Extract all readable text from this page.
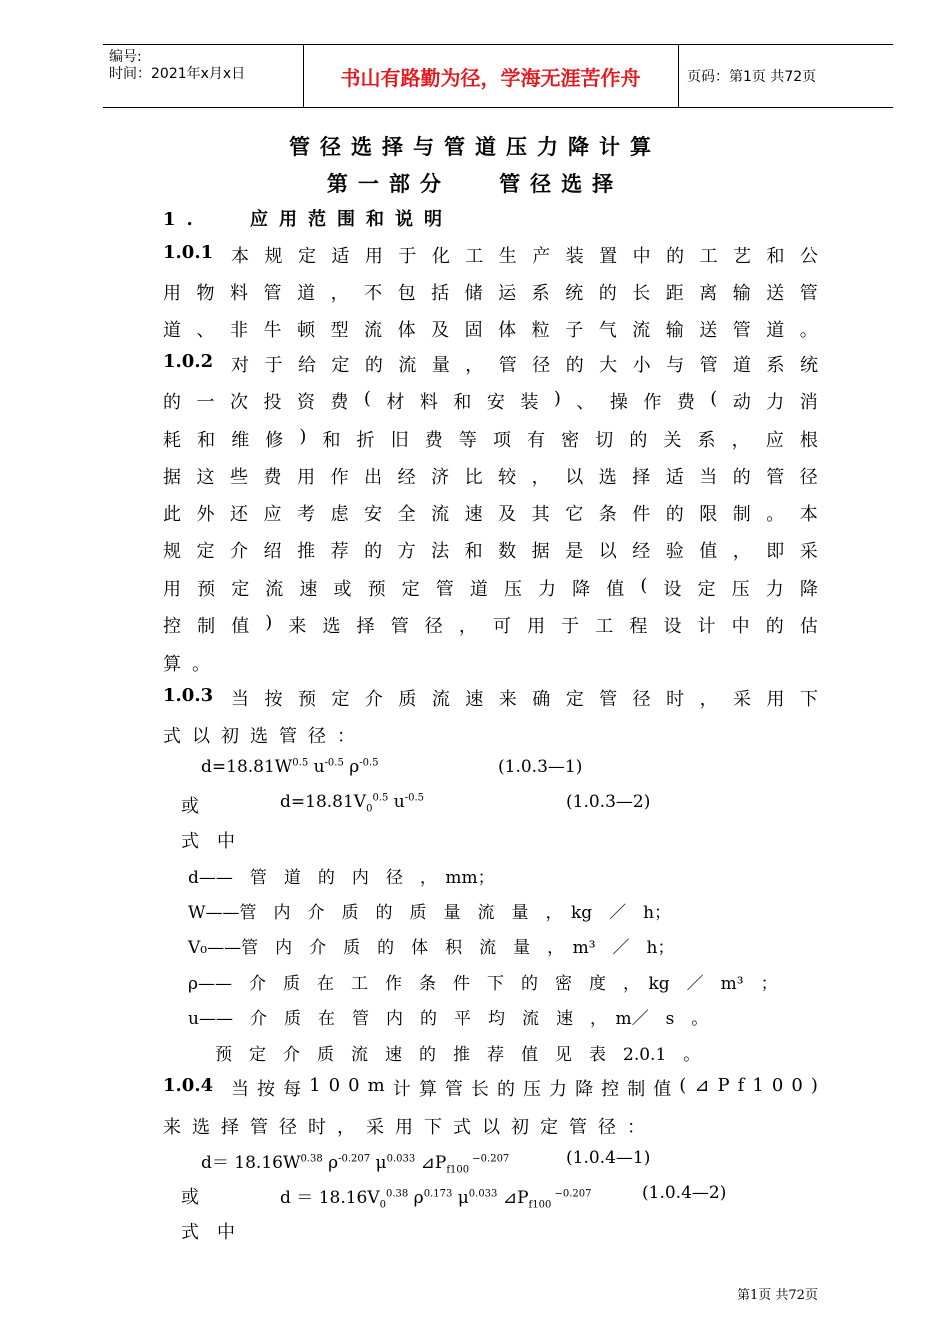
编号:
时间：2021年x月x日	书山有路勤为径，学海无涯苦作舟	页码：第1页 共72页
管径选择与管道压力降计算
第一部分　 管径选择
1.　 应用范围和说明
1.0.1 本 规 定 适 用 于 化 工 生 产 装 置 中 的 工 艺 和 公
用 物 料 管 道 ， 不 包 括 储 运 系 统 的 长 距 离 输 送 管
道 、 非 牛 顿 型 流 体 及 固 体 粒 子 气 流 输 送 管 道 。
1.0.2 对 于 给 定 的 流 量 ， 管 径 的 大 小 与 管 道 系 统
的 一 次 投 资 费 ( 材 料 和 安 装 ) 、 操 作 费 ( 动 力 消
耗 和 维 修 ) 和 折 旧 费 等 项 有 密 切 的 关 系 ， 应 根
据 这 些 费 用 作 出 经 济 比 较 ， 以 选 择 适 当 的 管 径
此 外 还 应 考 虑 安 全 流 速 及 其 它 条 件 的 限 制 。 本
规 定 介 绍 推 荐 的 方 法 和 数 据 是 以 经 验 值 ， 即 采
用 预 定 流 速 或 预 定 管 道 压 力 降 值 ( 设 定 压 力 降
控 制 值 ) 来 选 择 管 径 ， 可 用 于 工 程 设 计 中 的 估
算。
1.0.3 当 按 预 定 介 质 流 速 来 确 定 管 径 时 ， 采 用 下
式以初选管径：
$d=18.81W^{0.5}$ $u^{-0.5}$ $\rho^{-0.5}$	(1.0.3—1)
或	$d=18.81V_0^{0.5}$ $u^{-0.5}$	(1.0.3—2)
式　中
d——　管　道　的　内　径　，　mm；
W——管　内　介　质　的　质　量　流　量　，　kg　／　h；
V₀——管　内　介　质　的　体　积　流　量　，　m³　／　h；
ρ——　介　质　在　工　作　条　件　下　的　密　度　，　kg　／　m³　；
u——　介　质　在　管　内　的　平　均　流　速　，　m／　s　。
预　定　介　质　流　速　的　推　荐　值　见　表　2.0.1　。
1.0.4 当 按 每 1 0 0 m 计 算 管 长 的 压 力 降 控 制 值 ( ⊿ P f 1 0 0 )
来选择管径时，采用下式以初定管径：
$d= 18.16W^{0.38}$ $\rho^{-0.207}$ $\mu^{0.033}$ $⊿P_{f100}$ $^{-0.207}$	(1.0.4—1)
或	$d = 18.16V_0^{0.38}$ $\rho^{0.173}$ $\mu^{0.033}$ $⊿P_{f100}$ $^{-0.207}$	(1.0.4—2)
式　中
第1页 共72页
